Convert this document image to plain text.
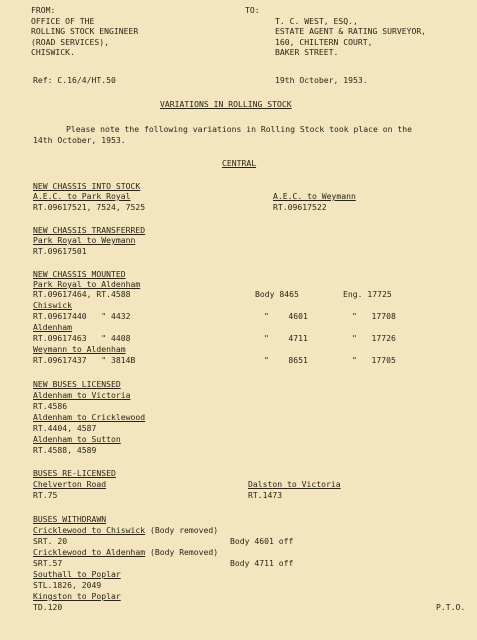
FROM:
OFFICE OF THE
ROLLING STOCK ENGINEER
(ROAD SERVICES),
CHISWICK.
TO:
T. C. WEST, ESQ.,
ESTATE AGENT & RATING SURVEYOR,
160, CHILTERN COURT,
BAKER STREET.
Ref: C.16/4/HT.50	19th October, 1953.
VARIATIONS IN ROLLING STOCK
Please note the following variations in Rolling Stock took place on the
14th October, 1953.
CENTRAL
NEW CHASSIS INTO STOCK
A.E.C. to Park Royal
RT.09617521, 7524, 7525
A.E.C. to Weymann
RT.09617522
NEW CHASSIS TRANSFERRED
Park Royal to Weymann
RT.09617501
NEW CHASSIS MOUNTED
Park Royal to Aldenham
RT.09617464, RT.4588	Body 8465	Eng. 17725
Chiswick
RT.09617440   " 4432	"    4601	"   17708
Aldenham
RT.09617463   " 4408	"    4711	"   17726
Weymann to Aldenham
RT.09617437   " 3814B	"    8651	"   17705
NEW BUSES LICENSED
Aldenham to Victoria
RT.4586
Aldenham to Cricklewood
RT.4404, 4587
Aldenham to Sutton
RT.4588, 4589
BUSES RE-LICENSED
Chelverton Road
RT.75
Dalston to Victoria
RT.1473
BUSES WITHDRAWN
Cricklewood to Chiswick (Body removed)
SRT. 20	Body 4601 off
Cricklewood to Aldenham (Body Removed)
SRT.57	Body 4711 off
Southall to Poplar
STL.1826, 2049
Kingston to Poplar
TD.120	P.T.O.
